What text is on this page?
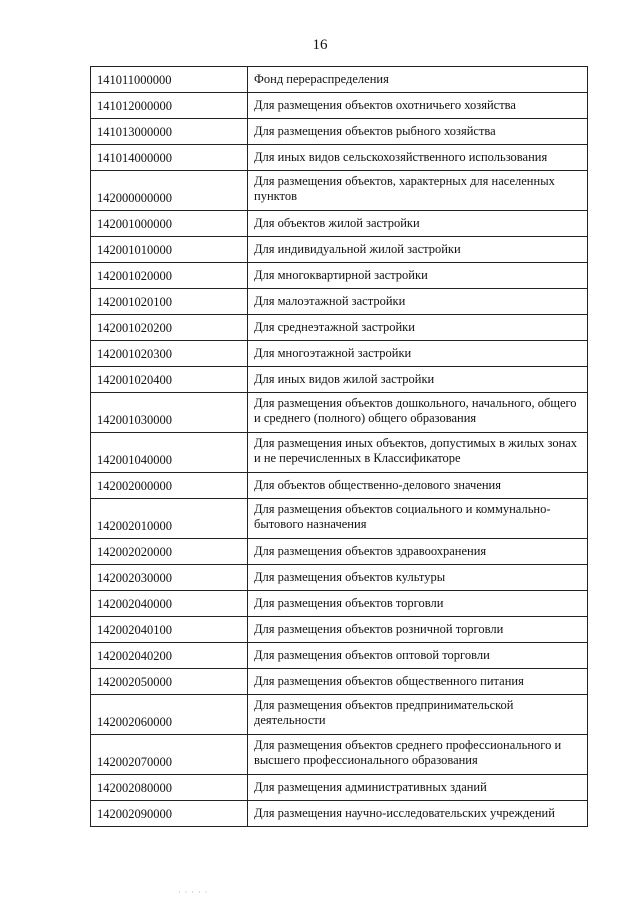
16
141011000000	Фонд перераспределения
141012000000	Для размещения объектов охотничьего хозяйства
141013000000	Для размещения объектов рыбного хозяйства
141014000000	Для иных видов сельскохозяйственного использования
142000000000	Для размещения объектов, характерных для населенных пунктов
142001000000	Для объектов жилой застройки
142001010000	Для индивидуальной жилой застройки
142001020000	Для многоквартирной застройки
142001020100	Для малоэтажной застройки
142001020200	Для среднеэтажной застройки
142001020300	Для многоэтажной застройки
142001020400	Для иных видов жилой застройки
142001030000	Для размещения объектов дошкольного, начального, общего и среднего (полного) общего образования
142001040000	Для размещения иных объектов, допустимых в жилых зонах и не перечисленных в Классификаторе
142002000000	Для объектов общественно-делового значения
142002010000	Для размещения объектов социального и коммунально-бытового назначения
142002020000	Для размещения объектов здравоохранения
142002030000	Для размещения объектов культуры
142002040000	Для размещения объектов торговли
142002040100	Для размещения объектов розничной торговли
142002040200	Для размещения объектов оптовой торговли
142002050000	Для размещения объектов общественного питания
142002060000	Для размещения объектов предпринимательской деятельности
142002070000	Для размещения объектов среднего профессионального и высшего профессионального образования
142002080000	Для размещения административных зданий
142002090000	Для размещения научно-исследовательских учреждений
· · · · ·
